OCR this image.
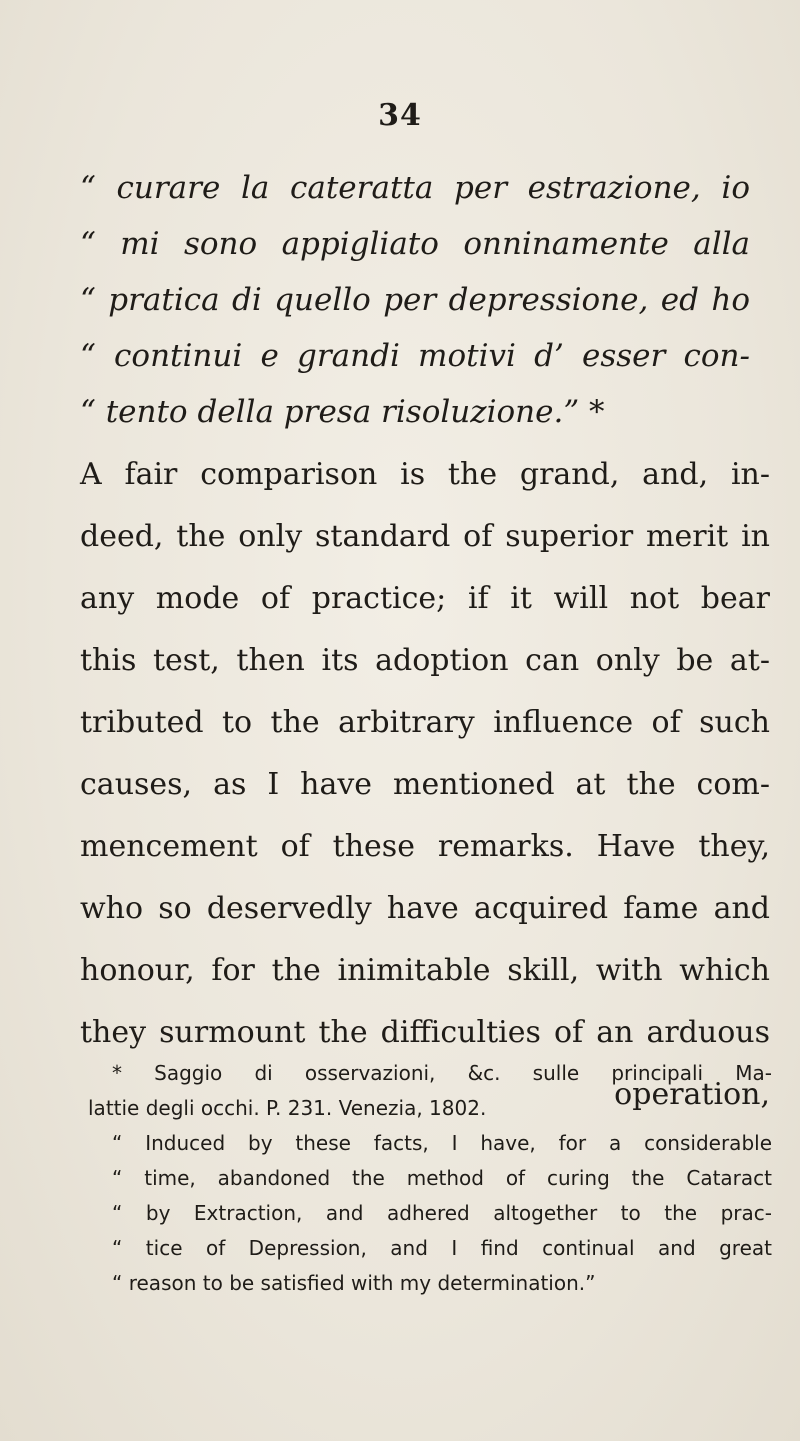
34
“ curare la cateratta per estrazione, io
“ mi sono appigliato onninamente alla
“ pratica di quello per depressione, ed ho
“ continui e grandi motivi d’ esser con-
“ tento della presa risoluzione.” *
A fair comparison is the grand, and, in-
deed, the only standard of superior merit in
any mode of practice; if it will not bear
this test, then its adoption can only be at-
tributed to the arbitrary influence of such
causes, as I have mentioned at the com-
mencement of these remarks. Have they,
who so deservedly have acquired fame and
honour, for the inimitable skill, with which
they surmount the difficulties of an arduous
operation,
* Saggio di osservazioni, &c. sulle principali Ma-
lattie degli occhi. P. 231. Venezia, 1802.
“ Induced by these facts, I have, for a considerable
“ time, abandoned the method of curing the Cataract
“ by Extraction, and adhered altogether to the prac-
“ tice of Depression, and I find continual and great
“ reason to be satisfied with my determination.”
